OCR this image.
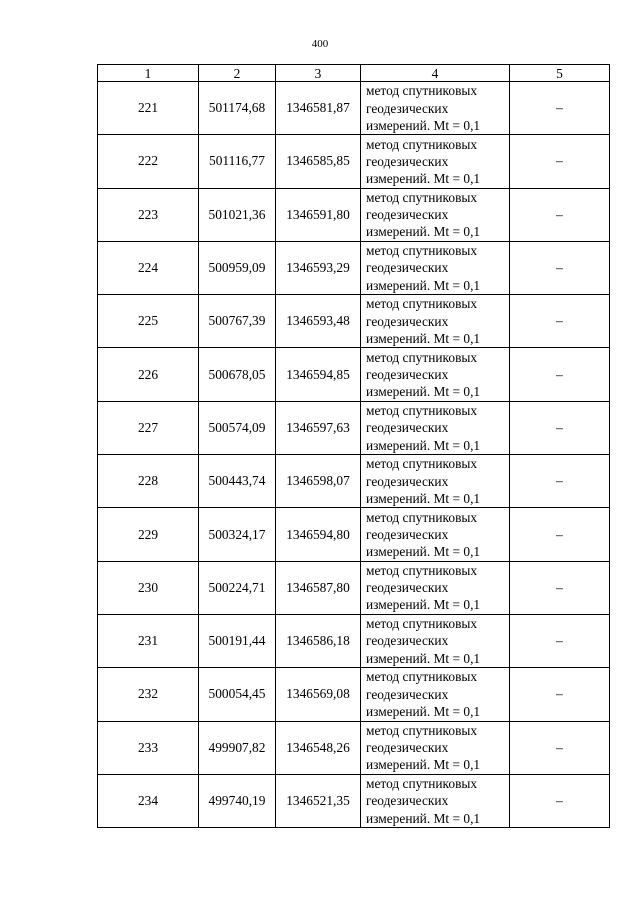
400
1	2	3	4	5
221	501174,68	1346581,87	метод спутниковых
геодезических
измерений. Mt = 0,1	–
222	501116,77	1346585,85	метод спутниковых
геодезических
измерений. Mt = 0,1	–
223	501021,36	1346591,80	метод спутниковых
геодезических
измерений. Mt = 0,1	–
224	500959,09	1346593,29	метод спутниковых
геодезических
измерений. Mt = 0,1	–
225	500767,39	1346593,48	метод спутниковых
геодезических
измерений. Mt = 0,1	–
226	500678,05	1346594,85	метод спутниковых
геодезических
измерений. Mt = 0,1	–
227	500574,09	1346597,63	метод спутниковых
геодезических
измерений. Mt = 0,1	–
228	500443,74	1346598,07	метод спутниковых
геодезических
измерений. Mt = 0,1	–
229	500324,17	1346594,80	метод спутниковых
геодезических
измерений. Mt = 0,1	–
230	500224,71	1346587,80	метод спутниковых
геодезических
измерений. Mt = 0,1	–
231	500191,44	1346586,18	метод спутниковых
геодезических
измерений. Mt = 0,1	–
232	500054,45	1346569,08	метод спутниковых
геодезических
измерений. Mt = 0,1	–
233	499907,82	1346548,26	метод спутниковых
геодезических
измерений. Mt = 0,1	–
234	499740,19	1346521,35	метод спутниковых
геодезических
измерений. Mt = 0,1	–
